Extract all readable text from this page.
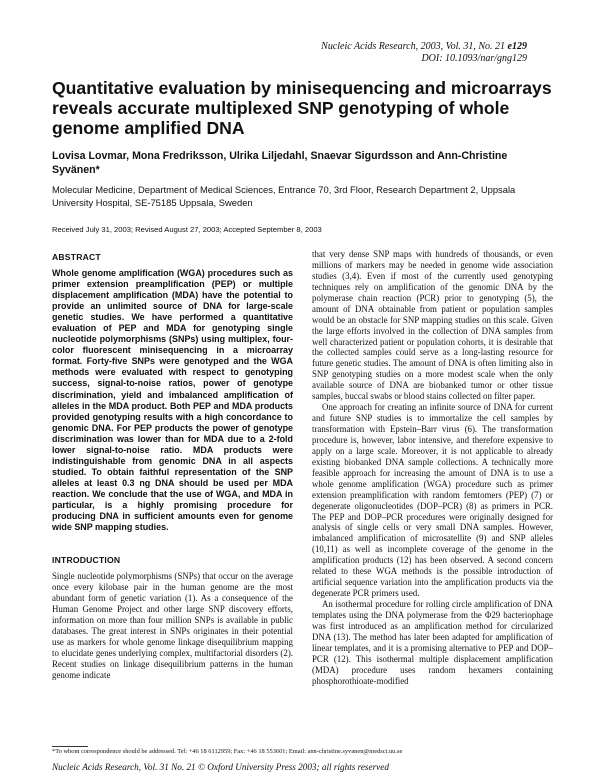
Nucleic Acids Research, 2003, Vol. 31, No. 21 e129
DOI: 10.1093/nar/gng129
Quantitative evaluation by minisequencing and microarrays reveals accurate multiplexed SNP genotyping of whole genome amplified DNA
Lovisa Lovmar, Mona Fredriksson, Ulrika Liljedahl, Snaevar Sigurdsson and Ann-Christine Syvänen*
Molecular Medicine, Department of Medical Sciences, Entrance 70, 3rd Floor, Research Department 2, Uppsala University Hospital, SE-75185 Uppsala, Sweden
Received July 31, 2003; Revised August 27, 2003; Accepted September 8, 2003
ABSTRACT

Whole genome amplification (WGA) procedures such as primer extension preamplification (PEP) or multiple displacement amplification (MDA) have the potential to provide an unlimited source of DNA for large-scale genetic studies. We have performed a quantitative evaluation of PEP and MDA for genotyping single nucleotide polymorphisms (SNPs) using multiplex, four-color fluorescent minisequencing in a microarray format. Forty-five SNPs were genotyped and the WGA methods were evaluated with respect to genotyping success, signal-to-noise ratios, power of genotype discrimination, yield and imbalanced amplification of alleles in the MDA product. Both PEP and MDA products provided genotyping results with a high concordance to genomic DNA. For PEP products the power of genotype discrimination was lower than for MDA due to a 2-fold lower signal-to-noise ratio. MDA products were indistinguishable from genomic DNA in all aspects studied. To obtain faithful representation of the SNP alleles at least 0.3 ng DNA should be used per MDA reaction. We conclude that the use of WGA, and MDA in particular, is a highly promising procedure for producing DNA in sufficient amounts even for genome wide SNP mapping studies.

INTRODUCTION

Single nucleotide polymorphisms (SNPs) that occur on the average once every kilobase pair in the human genome are the most abundant form of genetic variation (1). As a consequence of the Human Genome Project and other large SNP discovery efforts, information on more than four million SNPs is available in public databases. The great interest in SNPs originates in their potential use as markers for whole genome linkage disequilibrium mapping to elucidate genes underlying complex, multifactorial disorders (2). Recent studies on linkage disequilibrium patterns in the human genome indicate

that very dense SNP maps with hundreds of thousands, or even millions of markers may be needed in genome wide association studies (3,4). Even if most of the currently used genotyping techniques rely on amplification of the genomic DNA by the polymerase chain reaction (PCR) prior to genotyping (5), the amount of DNA obtainable from patient or population samples would be an obstacle for SNP mapping studies on this scale. Given the large efforts involved in the collection of DNA samples from well characterized patient or population cohorts, it is desirable that the collected samples could serve as a long-lasting resource for future genetic studies. The amount of DNA is often limiting also in SNP genotyping studies on a more modest scale when the only available source of DNA are biobanked tumor or other tissue samples, buccal swabs or blood stains collected on filter paper.

One approach for creating an infinite source of DNA for current and future SNP studies is to immortalize the cell samples by transformation with Epstein–Barr virus (6). The transformation procedure is, however, labor intensive, and therefore expensive to apply on a large scale. Moreover, it is not applicable to already existing biobanked DNA sample collections. A technically more feasible approach for increasing the amount of DNA is to use a whole genome amplification (WGA) procedure such as primer extension preamplification with random femtomers (PEP) (7) or degenerate oligonucleotides (DOP–PCR) (8) as primers in PCR. The PEP and DOP–PCR procedures were originally designed for analysis of single cells or very small DNA samples. However, imbalanced amplification of microsatellite (9) and SNP alleles (10,11) as well as incomplete coverage of the genome in the amplification products (12) has been observed. A second concern related to these WGA methods is the possible introduction of artificial sequence variation into the amplification products via the degenerate PCR primers used.

An isothermal procedure for rolling circle amplification of DNA templates using the DNA polymerase from the Φ29 bacteriophage was first introduced as an amplification method for circularized DNA (13). The method has later been adapted for amplification of linear templates, and it is a promising alternative to PEP and DOP–PCR (12). This isothermal multiple displacement amplification (MDA) procedure uses random hexamers containing phosphorothioate-modified

*To whom correspondence should be addressed. Tel: +46 18 6112959; Fax: +46 18 553601; Email: ann-christine.syvanen@medsci.uu.se
Nucleic Acids Research, Vol. 31 No. 21 © Oxford University Press 2003; all rights reserved
